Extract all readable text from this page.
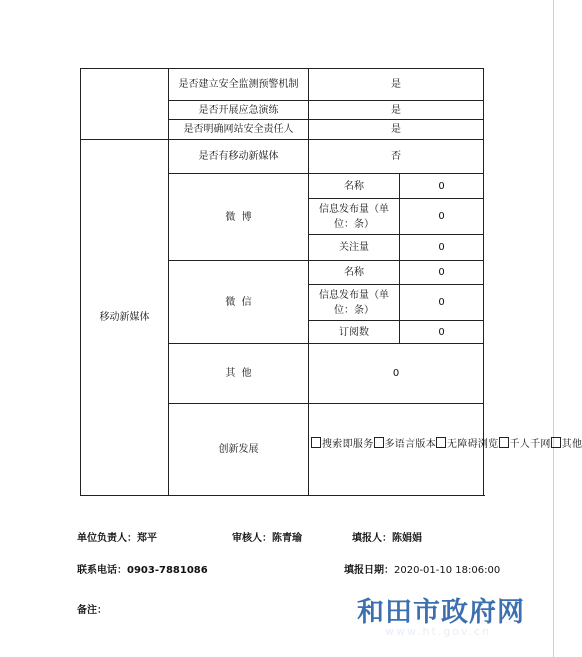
	是否建立安全监测预警机制	是	
	是否开展应急演练	是	
	是否明确网站安全责任人	是	
移动新媒体	是否有移动新媒体	否	
	微  博	名称	0
		信息发布量（单位：条）	0
		关注量	0
	微  信	名称	0
		信息发布量（单位：条）	0
		订阅数	0
	其  他	0	
	创新发展	搜索即服务 多语言版本 无障碍浏览 千人千网 其他	
单位负责人：郑平	审核人：陈青瑜	填报人：陈娟娟
联系电话：0903-7881086	填报日期：2020-01-10 18:06:00
备注：	和田市政府网
www.ht.gov.cn
